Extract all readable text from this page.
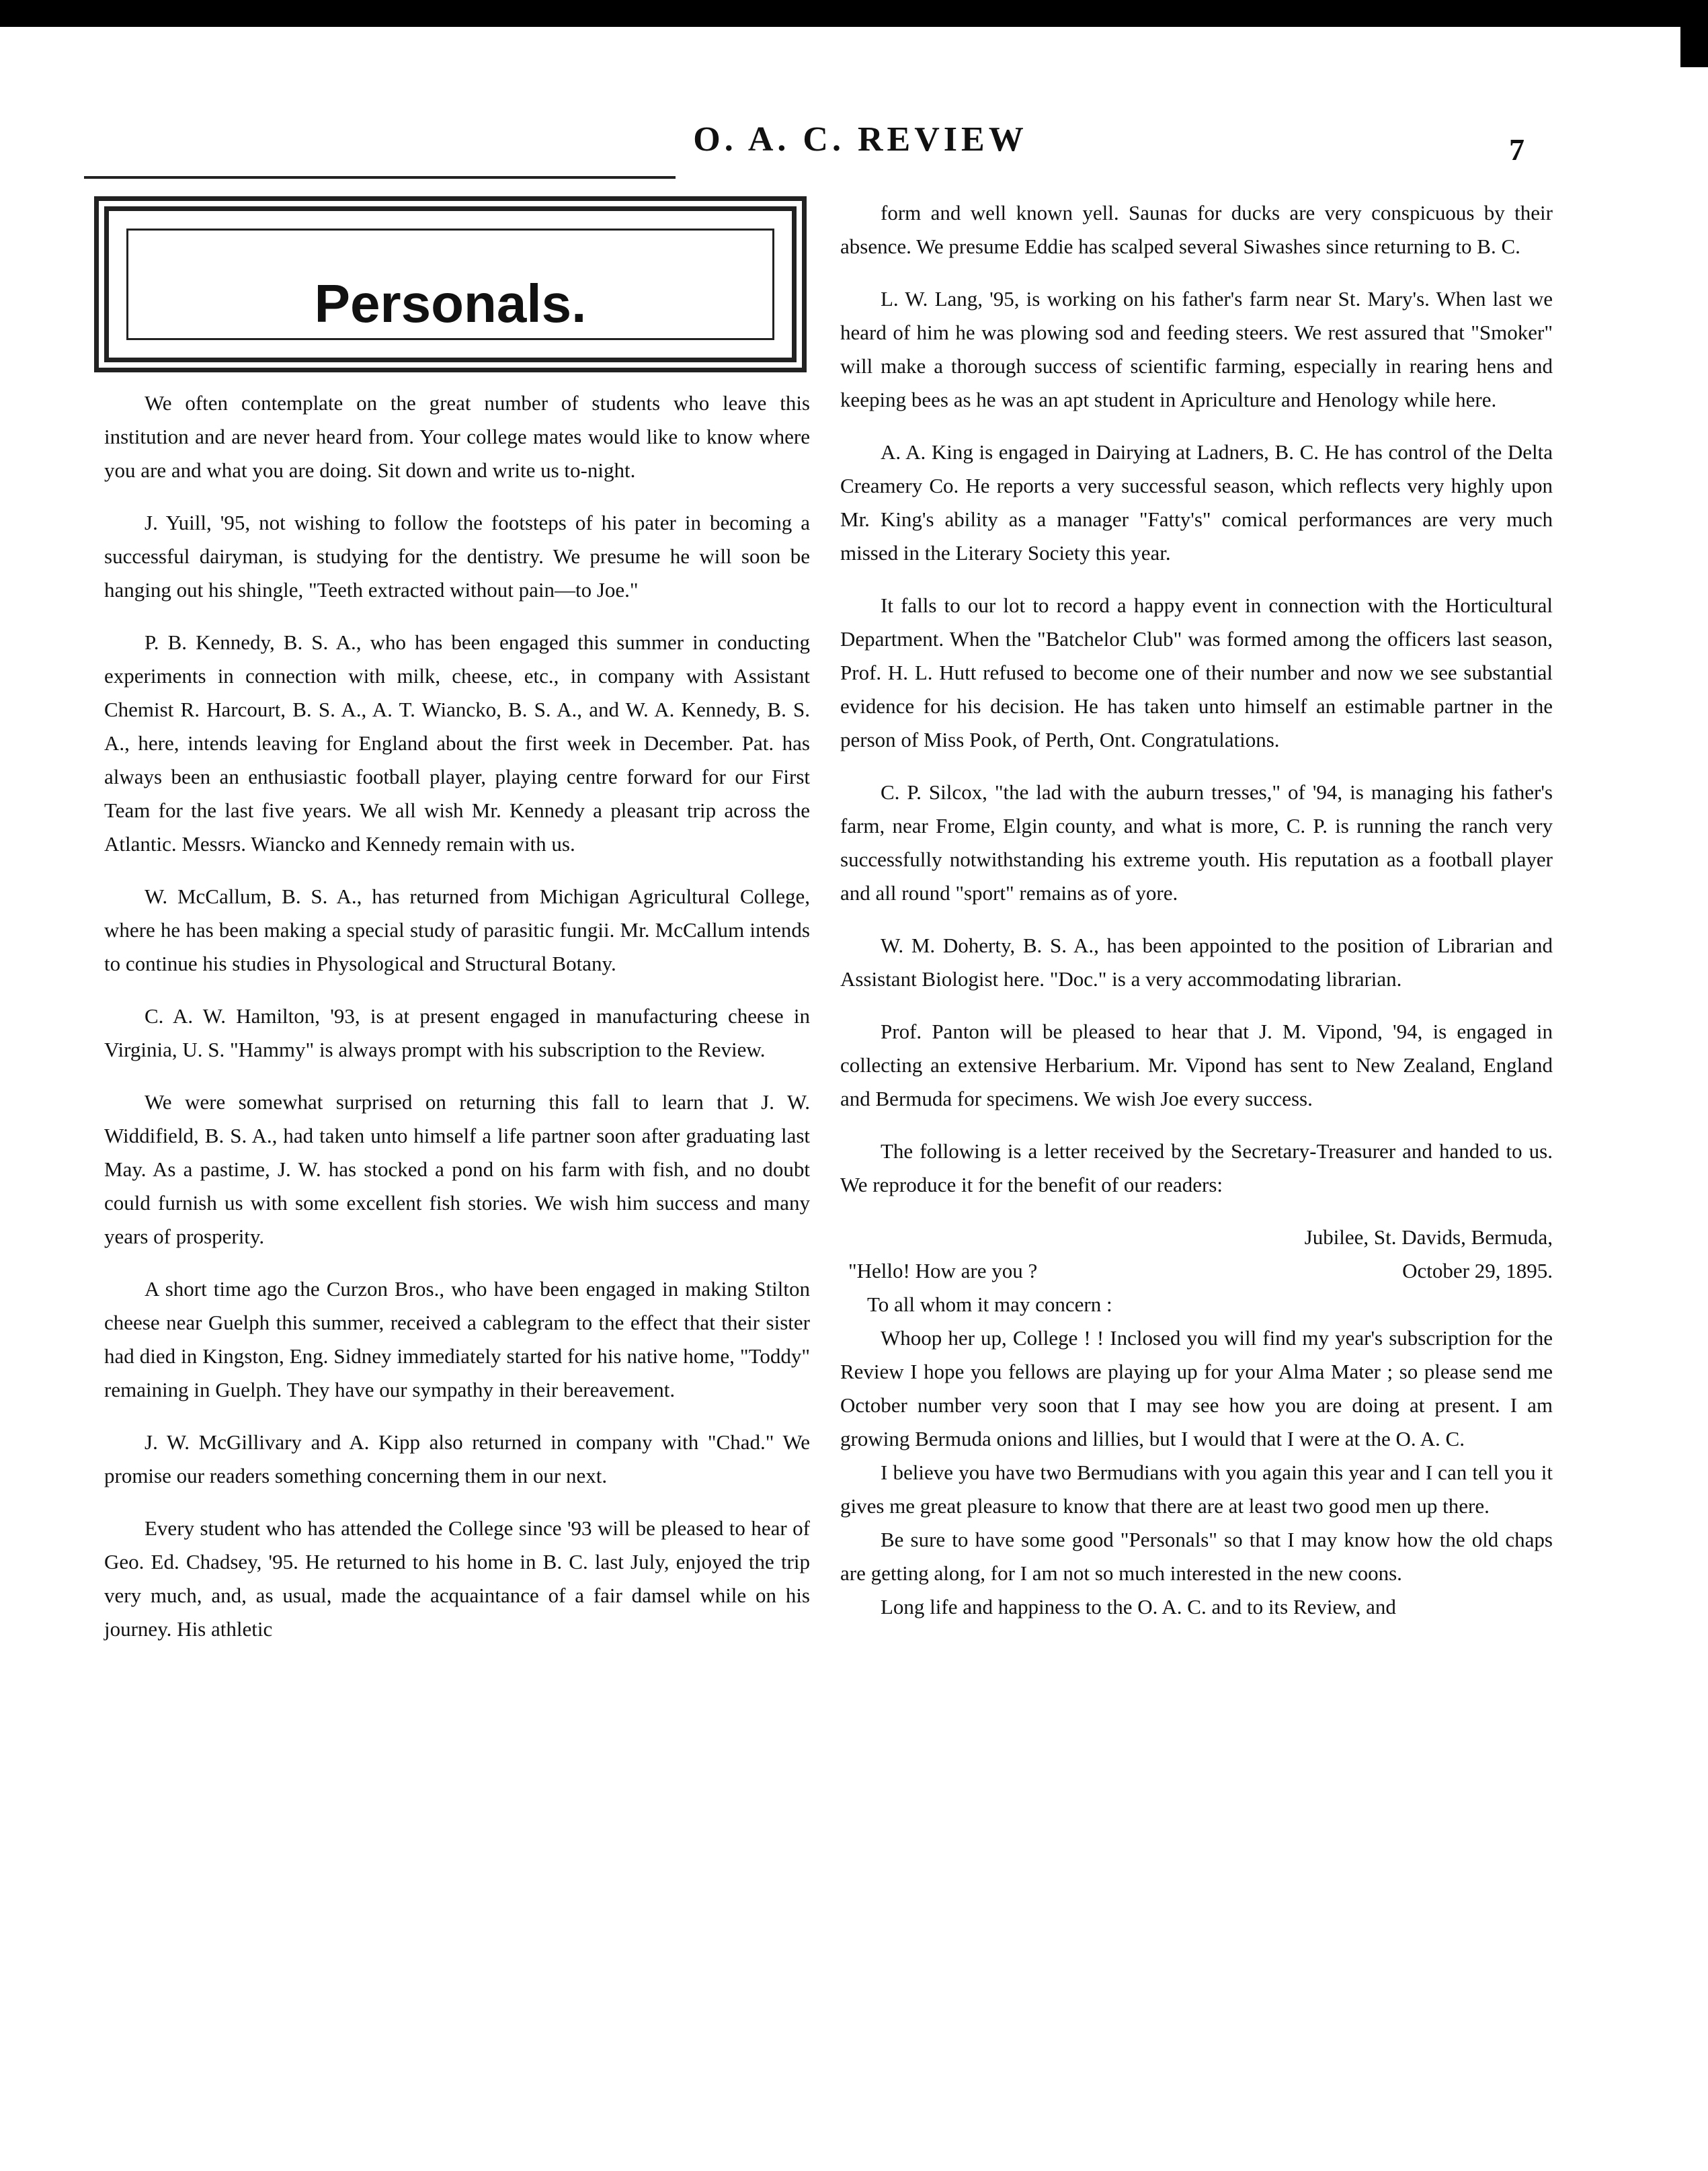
O. A. C. REVIEW	7
Personals.

We often contemplate on the great number of students who leave this institution and are never heard from. Your college mates would like to know where you are and what you are doing. Sit down and write us to-night.

J. Yuill, '95, not wishing to follow the footsteps of his pater in becoming a successful dairyman, is studying for the dentistry. We presume he will soon be hanging out his shingle, "Teeth extracted without pain—to Joe."

P. B. Kennedy, B. S. A., who has been engaged this summer in conducting experiments in connection with milk, cheese, etc., in company with Assistant Chemist R. Harcourt, B. S. A., A. T. Wiancko, B. S. A., and W. A. Kennedy, B. S. A., here, intends leaving for England about the first week in December. Pat. has always been an enthusiastic football player, playing centre forward for our First Team for the last five years. We all wish Mr. Kennedy a pleasant trip across the Atlantic. Messrs. Wiancko and Kennedy remain with us.

W. McCallum, B. S. A., has returned from Michigan Agricultural College, where he has been making a special study of parasitic fungii. Mr. McCallum intends to continue his studies in Physological and Structural Botany.

C. A. W. Hamilton, '93, is at present engaged in manufacturing cheese in Virginia, U. S. "Hammy" is always prompt with his subscription to the Review.

We were somewhat surprised on returning this fall to learn that J. W. Widdifield, B. S. A., had taken unto himself a life partner soon after graduating last May. As a pastime, J. W. has stocked a pond on his farm with fish, and no doubt could furnish us with some excellent fish stories. We wish him success and many years of prosperity.

A short time ago the Curzon Bros., who have been engaged in making Stilton cheese near Guelph this summer, received a cablegram to the effect that their sister had died in Kingston, Eng. Sidney immediately started for his native home, "Toddy" remaining in Guelph. They have our sympathy in their bereavement.

J. W. McGillivary and A. Kipp also returned in company with "Chad." We promise our readers something concerning them in our next.

Every student who has attended the College since '93 will be pleased to hear of Geo. Ed. Chadsey, '95. He returned to his home in B. C. last July, enjoyed the trip very much, and, as usual, made the acquaintance of a fair damsel while on his journey. His athletic

form and well known yell. Saunas for ducks are very conspicuous by their absence. We presume Eddie has scalped several Siwashes since returning to B. C.

L. W. Lang, '95, is working on his father's farm near St. Mary's. When last we heard of him he was plowing sod and feeding steers. We rest assured that "Smoker" will make a thorough success of scientific farming, especially in rearing hens and keeping bees as he was an apt student in Apriculture and Henology while here.

A. A. King is engaged in Dairying at Ladners, B. C. He has control of the Delta Creamery Co. He reports a very successful season, which reflects very highly upon Mr. King's ability as a manager "Fatty's" comical performances are very much missed in the Literary Society this year.

It falls to our lot to record a happy event in connection with the Horticultural Department. When the "Batchelor Club" was formed among the officers last season, Prof. H. L. Hutt refused to become one of their number and now we see substantial evidence for his decision. He has taken unto himself an estimable partner in the person of Miss Pook, of Perth, Ont. Congratulations.

C. P. Silcox, "the lad with the auburn tresses," of '94, is managing his father's farm, near Frome, Elgin county, and what is more, C. P. is running the ranch very successfully notwithstanding his extreme youth. His reputation as a football player and all round "sport" remains as of yore.

W. M. Doherty, B. S. A., has been appointed to the position of Librarian and Assistant Biologist here. "Doc." is a very accommodating librarian.

Prof. Panton will be pleased to hear that J. M. Vipond, '94, is engaged in collecting an extensive Herbarium. Mr. Vipond has sent to New Zealand, England and Bermuda for specimens. We wish Joe every success.

The following is a letter received by the Secretary-Treasurer and handed to us. We reproduce it for the benefit of our readers:

Jubilee, St. Davids, Bermuda,

"Hello! How are you ?	October 29, 1895.

To all whom it may concern :

Whoop her up, College ! ! Inclosed you will find my year's subscription for the Review I hope you fellows are playing up for your Alma Mater ; so please send me October number very soon that I may see how you are doing at present. I am growing Bermuda onions and lillies, but I would that I were at the O. A. C.

I believe you have two Bermudians with you again this year and I can tell you it gives me great pleasure to know that there are at least two good men up there.

Be sure to have some good "Personals" so that I may know how the old chaps are getting along, for I am not so much interested in the new coons.

Long life and happiness to the O. A. C. and to its Review, and
